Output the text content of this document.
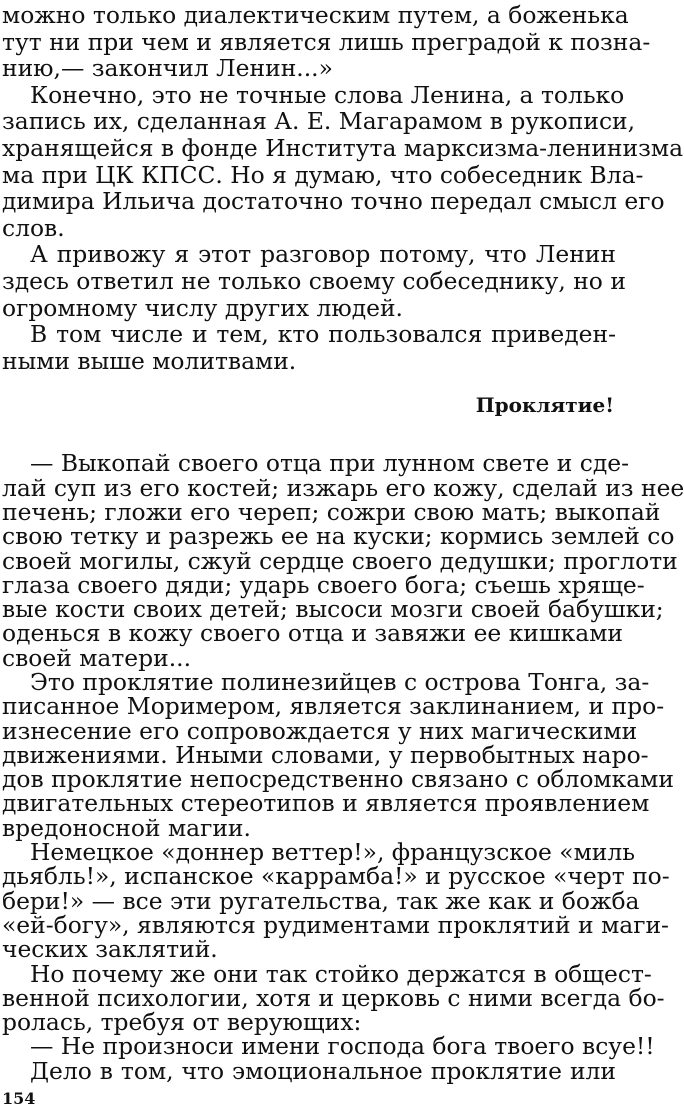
можно только диалектическим путем, а боженька
тут ни при чем и является лишь преградой к позна-
нию,— закончил Ленин...»
Конечно, это не точные слова Ленина, а только
запись их, сделанная А. Е. Магарамом в рукописи,
хранящейся в фонде Института марксизма-ленинизма
ма при ЦК КПСС. Но я думаю, что собеседник Вла-
димира Ильича достаточно точно передал смысл его
слов.
А привожу я этот разговор потому, что Ленин
здесь ответил не только своему собеседнику, но и
огромному числу других людей.
В том числе и тем, кто пользовался приведен-
ными выше молитвами.
Проклятие!
— Выкопай своего отца при лунном свете и сде-
лай суп из его костей; изжарь его кожу, сделай из нее
печень; гложи его череп; сожри свою мать; выкопай
свою тетку и разрежь ее на куски; кормись землей со
своей могилы, сжуй сердце своего дедушки; проглоти
глаза своего дяди; ударь своего бога; съешь хряще-
вые кости своих детей; высоси мозги своей бабушки;
оденься в кожу своего отца и завяжи ее кишками
своей матери...
Это проклятие полинезийцев с острова Тонга, за-
писанное Моримером, является заклинанием, и про-
изнесение его сопровождается у них магическими
движениями. Иными словами, у первобытных наро-
дов проклятие непосредственно связано с обломками
двигательных стереотипов и является проявлением
вредоносной магии.
Немецкое «доннер веттер!», французское «миль
дьябль!», испанское «каррамба!» и русское «черт по-
бери!» — все эти ругательства, так же как и божба
«ей-богу», являются рудиментами проклятий и маги-
ческих заклятий.
Но почему же они так стойко держатся в общест-
венной психологии, хотя и церковь с ними всегда бо-
ролась, требуя от верующих:
— Не произноси имени господа бога твоего всуе!!
Дело в том, что эмоциональное проклятие или
154
